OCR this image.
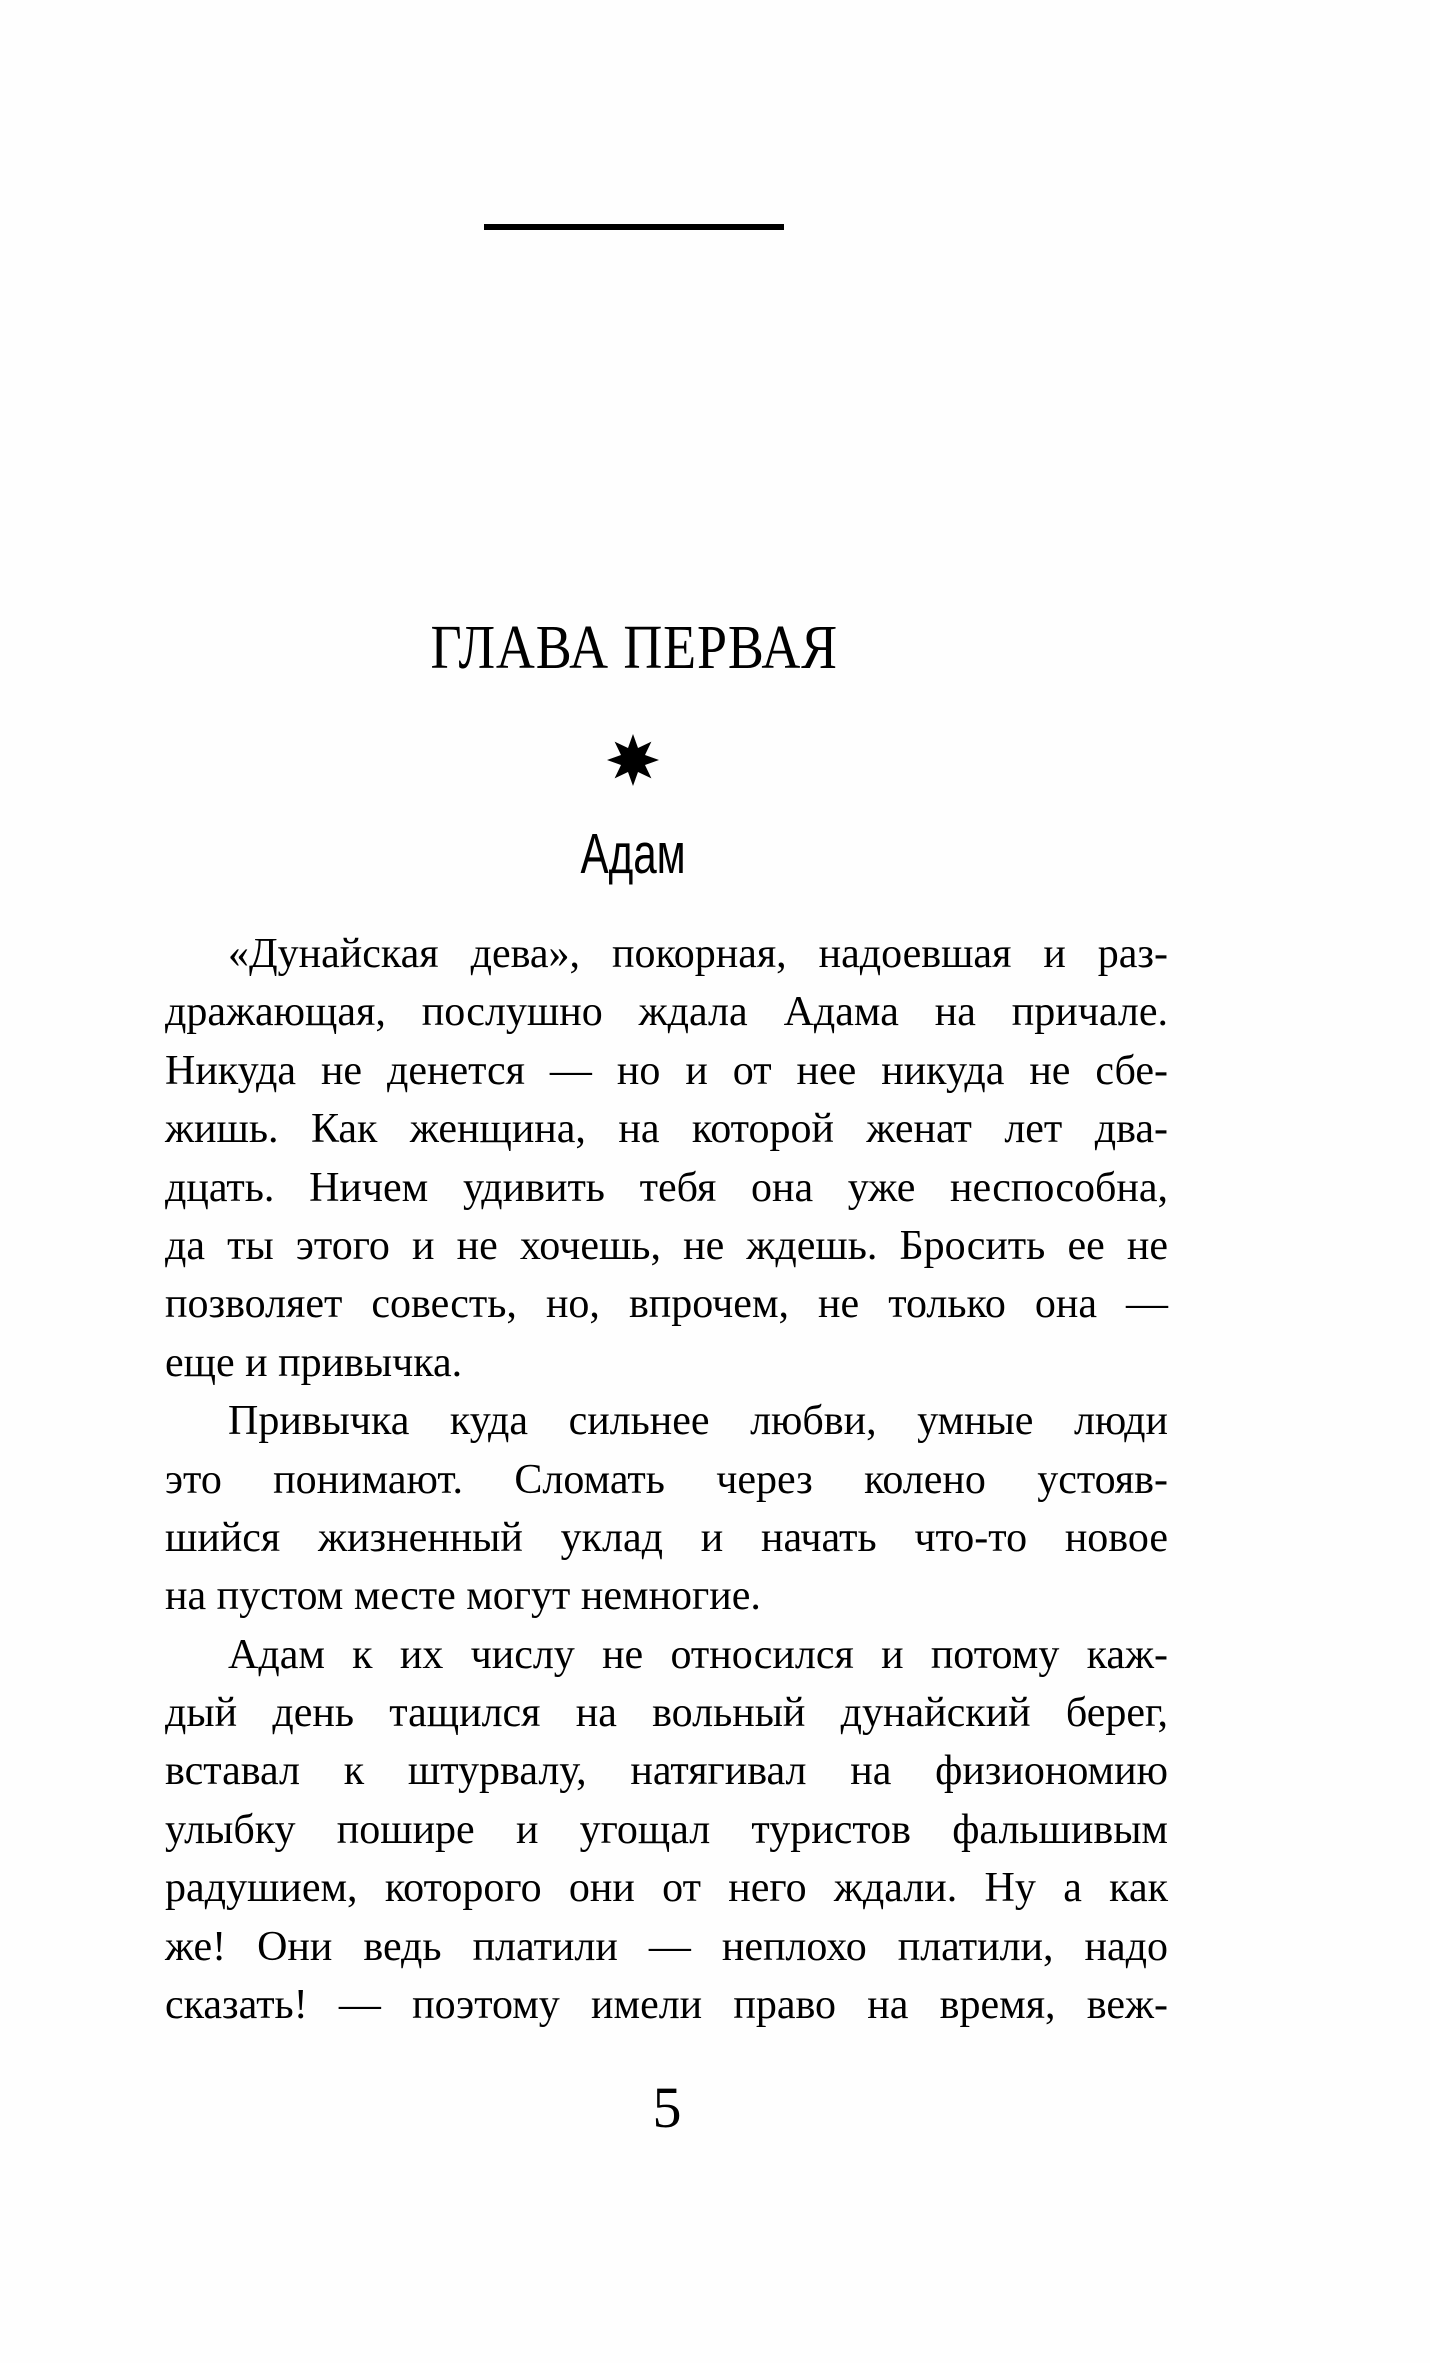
ГЛАВА ПЕРВАЯ
Адам
«Дунайская дева», покорная, надоевшая и раз-
дражающая, послушно ждала Адама на причале.
Никуда не денется — но и от нее никуда не сбе-
жишь. Как женщина, на которой женат лет два-
дцать. Ничем удивить тебя она уже неспособна,
да ты этого и не хочешь, не ждешь. Бросить ее не
позволяет совесть, но, впрочем, не только она —
еще и привычка.
Привычка куда сильнее любви, умные люди
это понимают. Сломать через колено устояв-
шийся жизненный уклад и начать что-то новое
на пустом месте могут немногие.
Адам к их числу не относился и потому каж-
дый день тащился на вольный дунайский берег,
вставал к штурвалу, натягивал на физиономию
улыбку пошире и угощал туристов фальшивым
радушием, которого они от него ждали. Ну а как
же! Они ведь платили — неплохо платили, надо
сказать! — поэтому имели право на время, веж-
5
